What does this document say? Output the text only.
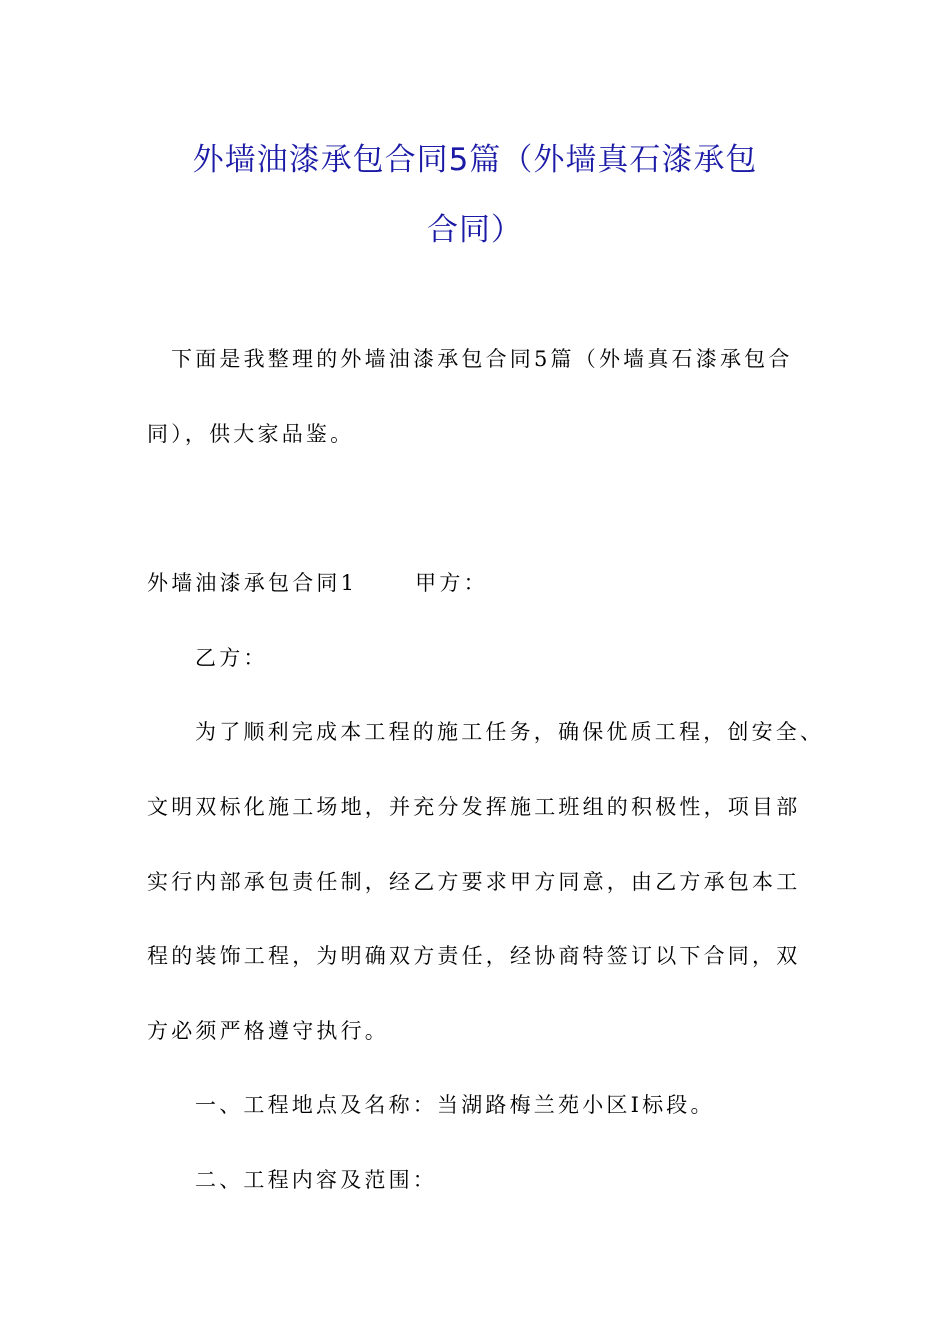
外墙油漆承包合同5篇（外墙真石漆承包
合同）
下面是我整理的外墙油漆承包合同5篇（外墙真石漆承包合
同），供大家品鉴。
外墙油漆承包合同1	甲方：
乙方：
为了顺利完成本工程的施工任务，确保优质工程，创安全、
文明双标化施工场地，并充分发挥施工班组的积极性，项目部
实行内部承包责任制，经乙方要求甲方同意，由乙方承包本工
程的装饰工程，为明确双方责任，经协商特签订以下合同，双
方必须严格遵守执行。
一、工程地点及名称：当湖路梅兰苑小区Ⅰ标段。
二、工程内容及范围：
